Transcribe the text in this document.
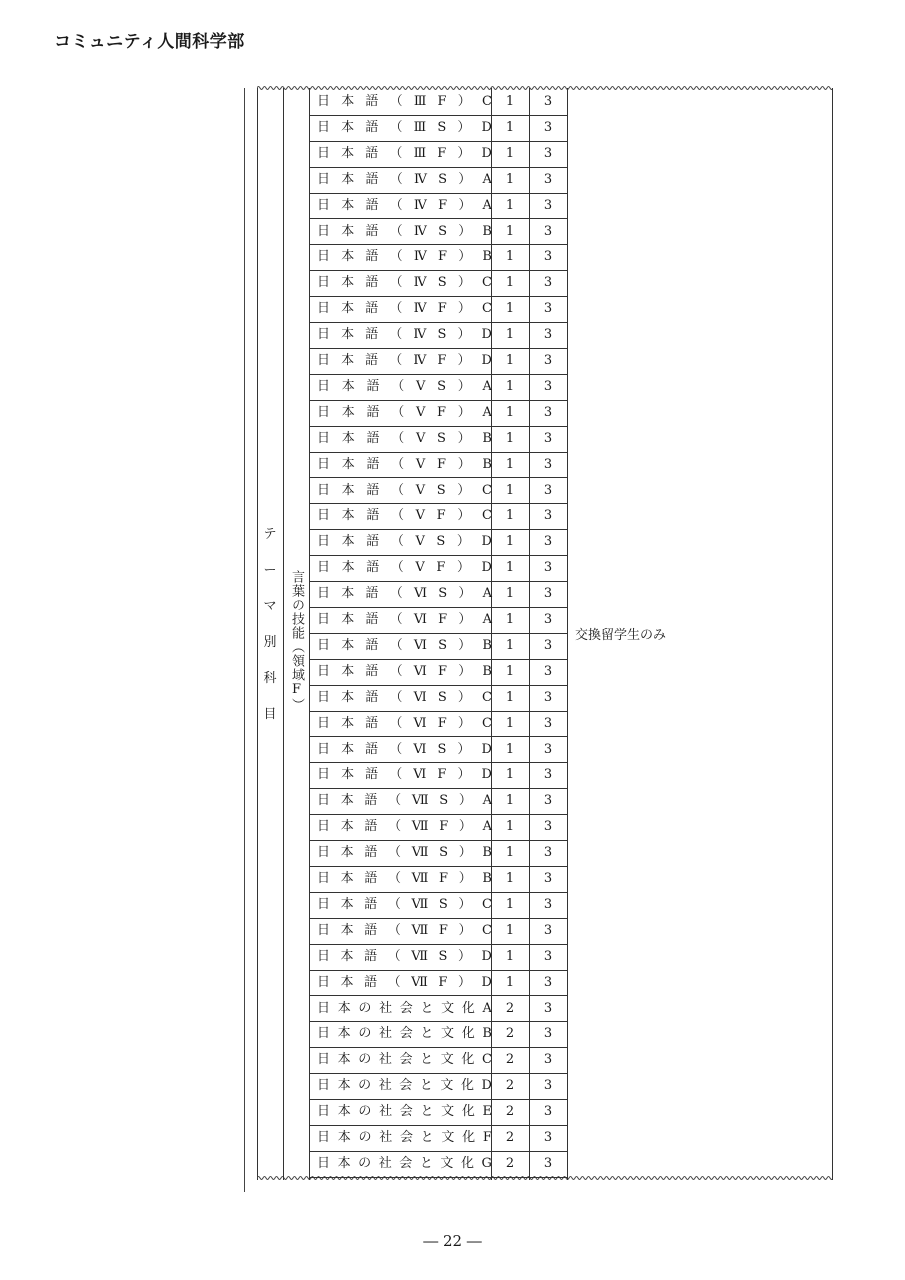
コミュニティ人間科学部
テ
ー
マ
別
科
目
言葉の技能（領域F）
日 本 語 （ Ⅲ F ） C	1	3
日 本 語 （ Ⅲ S ） D	1	3
日 本 語 （ Ⅲ F ） D	1	3
日 本 語 （ Ⅳ S ） A	1	3
日 本 語 （ Ⅳ F ） A	1	3
日 本 語 （ Ⅳ S ） B	1	3
日 本 語 （ Ⅳ F ） B	1	3
日 本 語 （ Ⅳ S ） C	1	3
日 本 語 （ Ⅳ F ） C	1	3
日 本 語 （ Ⅳ S ） D	1	3
日 本 語 （ Ⅳ F ） D	1	3
日 本 語 （ Ⅴ S ） A	1	3
日 本 語 （ Ⅴ F ） A	1	3
日 本 語 （ Ⅴ S ） B	1	3
日 本 語 （ Ⅴ F ） B	1	3
日 本 語 （ Ⅴ S ） C	1	3
日 本 語 （ Ⅴ F ） C	1	3
日 本 語 （ Ⅴ S ） D	1	3
日 本 語 （ Ⅴ F ） D	1	3
日 本 語 （ Ⅵ S ） A	1	3
日 本 語 （ Ⅵ F ） A	1	3
日 本 語 （ Ⅵ S ） B	1	3
日 本 語 （ Ⅵ F ） B	1	3
日 本 語 （ Ⅵ S ） C	1	3
日 本 語 （ Ⅵ F ） C	1	3
日 本 語 （ Ⅵ S ） D	1	3
日 本 語 （ Ⅵ F ） D	1	3
日 本 語 （ Ⅶ S ） A	1	3
日 本 語 （ Ⅶ F ） A	1	3
日 本 語 （ Ⅶ S ） B	1	3
日 本 語 （ Ⅶ F ） B	1	3
日 本 語 （ Ⅶ S ） C	1	3
日 本 語 （ Ⅶ F ） C	1	3
日 本 語 （ Ⅶ S ） D	1	3
日 本 語 （ Ⅶ F ） D	1	3
日 本 の 社 会 と 文 化 A	2	3
日 本 の 社 会 と 文 化 B	2	3
日 本 の 社 会 と 文 化 C	2	3
日 本 の 社 会 と 文 化 D	2	3
日 本 の 社 会 と 文 化 E	2	3
日 本 の 社 会 と 文 化 F	2	3
日 本 の 社 会 と 文 化 G	2	3
交換留学生のみ
― 22 ―
